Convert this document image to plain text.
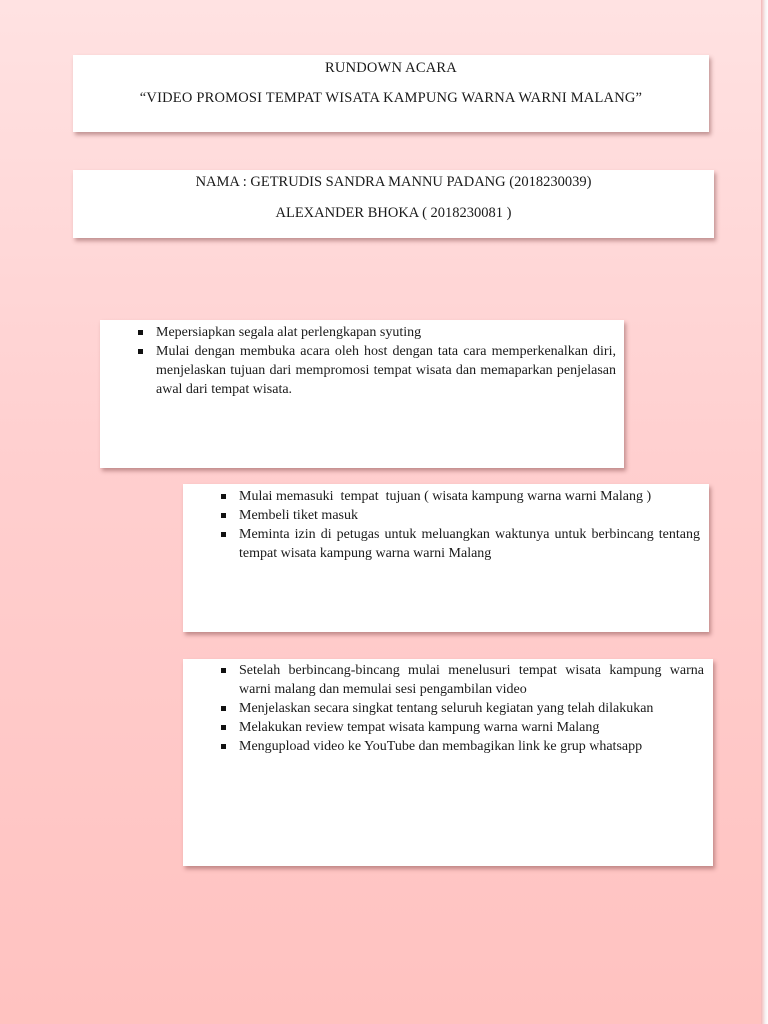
RUNDOWN ACARA
“VIDEO PROMOSI TEMPAT WISATA KAMPUNG WARNA WARNI MALANG”
NAMA : GETRUDIS SANDRA MANNU PADANG (2018230039)
ALEXANDER BHOKA ( 2018230081 )
Mepersiapkan segala alat perlengkapan syuting
Mulai dengan membuka acara oleh host dengan tata cara memperkenalkan diri, menjelaskan tujuan dari mempromosi tempat wisata dan memaparkan penjelasan awal dari tempat wisata.
Mulai memasuki  tempat  tujuan ( wisata kampung warna warni Malang )
Membeli tiket masuk
Meminta izin di petugas untuk meluangkan waktunya untuk berbincang tentang tempat wisata kampung warna warni Malang
Setelah berbincang-bincang mulai menelusuri tempat wisata kampung warna warni malang dan memulai sesi pengambilan video
Menjelaskan secara singkat tentang seluruh kegiatan yang telah dilakukan
Melakukan review tempat wisata kampung warna warni Malang
Mengupload video ke YouTube dan membagikan link ke grup whatsapp
